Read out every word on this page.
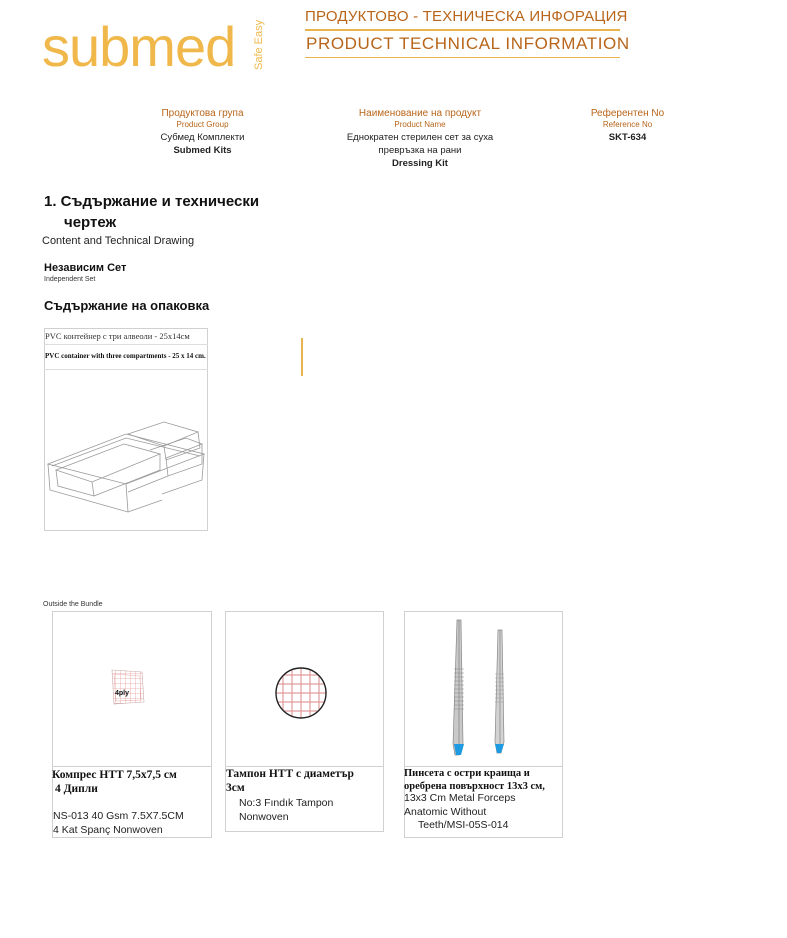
submed Safe Easy
ПРОДУКТОВО - ТЕХНИЧЕСКА ИНФОРАЦИЯ
PRODUCT TECHNICAL INFORMATION
Продуктова група
Product Group
Субмед Комплекти
Submed Kits
Наименование на продукт
Product Name
Еднократен стерилен сет за суха
превръзка на рани
Dressing Kit
Референтен No
Reference No
SKT-634
1. Съдържание и технически
чертеж
Content and Technical Drawing
Независим Сет
Independent Set
Съдържание на опаковка
PVC контейнер с три алвеоли - 25x14см
PVC container with three compartments - 25 x 14 cm.
Outside the Bundle
4ply
Компрес НТТ 7,5х7,5 см
4 Дипли
NS-013 40 Gsm 7.5X7.5CM
4 Kat Spanç Nonwoven
Тампон НТТ с диаметър
3см
No:3 Fındık Tampon
Nonwoven
Пинсета с остри краища и
оребрена повърхност 13х3 см,
13x3 Cm Metal Forceps
Anatomic Without
Teeth/MSI-05S-014
